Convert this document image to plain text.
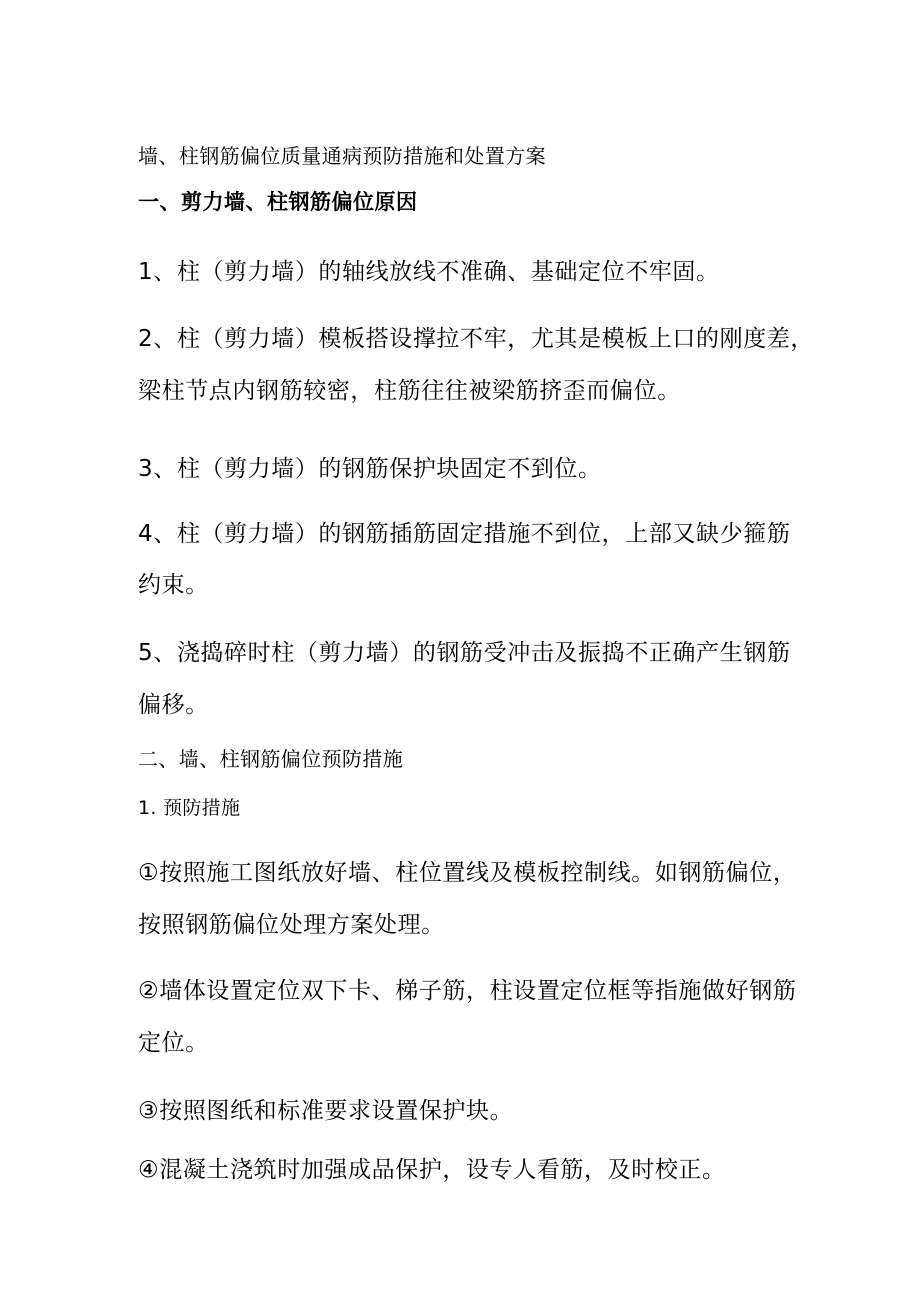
墙、柱钢筋偏位质量通病预防措施和处置方案

一、剪力墙、柱钢筋偏位原因

1、柱（剪力墙）的轴线放线不准确、基础定位不牢固。

2、柱（剪力墙）模板搭设撑拉不牢，尤其是模板上口的刚度差，

梁柱节点内钢筋较密，柱筋往往被梁筋挤歪而偏位。

3、柱（剪力墙）的钢筋保护块固定不到位。

4、柱（剪力墙）的钢筋插筋固定措施不到位，上部又缺少箍筋

约束。

5、浇捣碎时柱（剪力墙）的钢筋受冲击及振捣不正确产生钢筋

偏移。

二、墙、柱钢筋偏位预防措施

1. 预防措施

①按照施工图纸放好墙、柱位置线及模板控制线。如钢筋偏位，

按照钢筋偏位处理方案处理。

②墙体设置定位双下卡、梯子筋，柱设置定位框等指施做好钢筋

定位。

③按照图纸和标准要求设置保护块。

④混凝土浇筑时加强成品保护，设专人看筋，及时校正。
